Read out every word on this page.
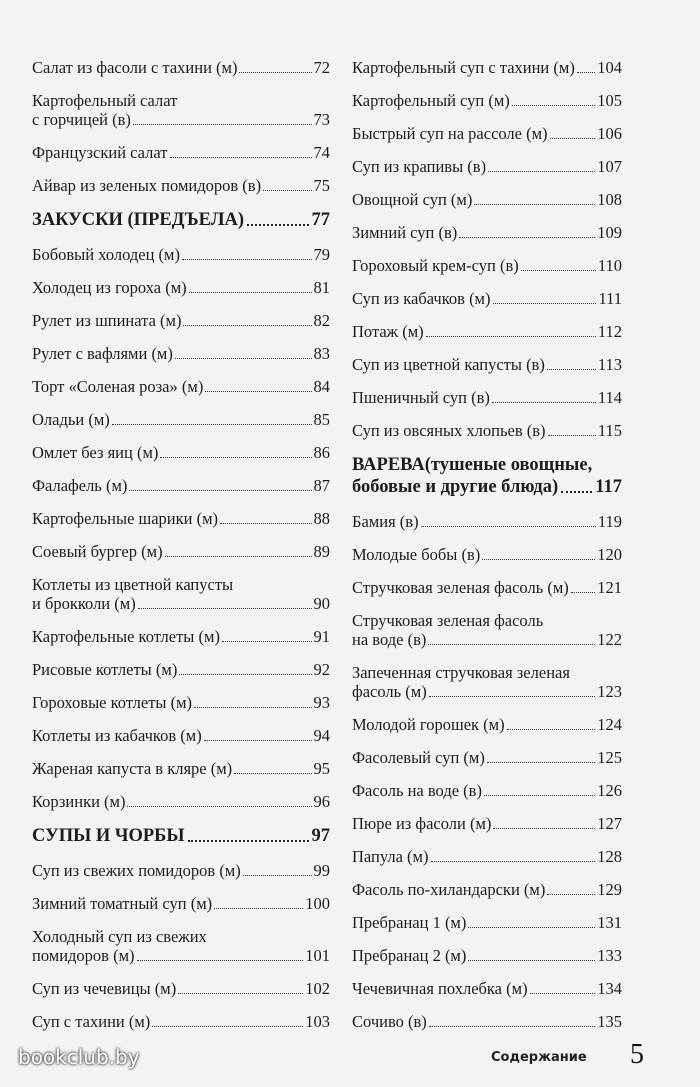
Салат из фасоли с тахини (м)	72
Картофельный салат
с горчицей (в)	73
Французский салат	74
Айвар из зеленых помидоров (в)	75
ЗАКУСКИ (ПРЕДЪЕЛА)	77
Бобовый холодец (м)	79
Холодец из гороха (м)	81
Рулет из шпината (м)	82
Рулет с вафлями (м)	83
Торт «Соленая роза» (м)	84
Оладьи (м)	85
Омлет без яиц (м)	86
Фалафель (м)	87
Картофельные шарики (м)	88
Соевый бургер (м)	89
Котлеты из цветной капусты
и брокколи (м)	90
Картофельные котлеты (м)	91
Рисовые котлеты (м)	92
Гороховые котлеты (м)	93
Котлеты из кабачков (м)	94
Жареная капуста в кляре (м)	95
Корзинки (м)	96
СУПЫ И ЧОРБЫ	97
Суп из свежих помидоров (м)	99
Зимний томатный суп (м)	100
Холодный суп из свежих
помидоров (м)	101
Суп из чечевицы (м)	102
Суп с тахини (м)	103
Картофельный суп с тахини (м) 104
Картофельный суп (м)	105
Быстрый суп на рассоле (м)	106
Суп из крапивы (в)	107
Овощной суп (м)	108
Зимний суп (в)	109
Гороховый крем-суп (в)	110
Суп из кабачков (м)	111
Потаж (м)	112
Суп из цветной капусты (в)	113
Пшеничный суп (в)	114
Суп из овсяных хлопьев (в)	115
ВАРЕВА(тушеные овощные,
бобовые и другие блюда) 117
Бамия (в)	119
Молодые бобы (в)	120
Стручковая зеленая фасоль (м) 121
Стручковая зеленая фасоль
на воде (в)	122
Запеченная стручковая зеленая
фасоль (м)	123
Молодой горошек (м)	124
Фасолевый суп (м)	125
Фасоль на воде (в)	126
Пюре из фасоли (м)	127
Папула (м)	128
Фасоль по-хиландарски (м)	129
Пребранац 1 (м)	131
Пребранац 2 (м)	133
Чечевичная похлебка (м)	134
Сочиво (в)	135
bookclub.by	Содержание 5
